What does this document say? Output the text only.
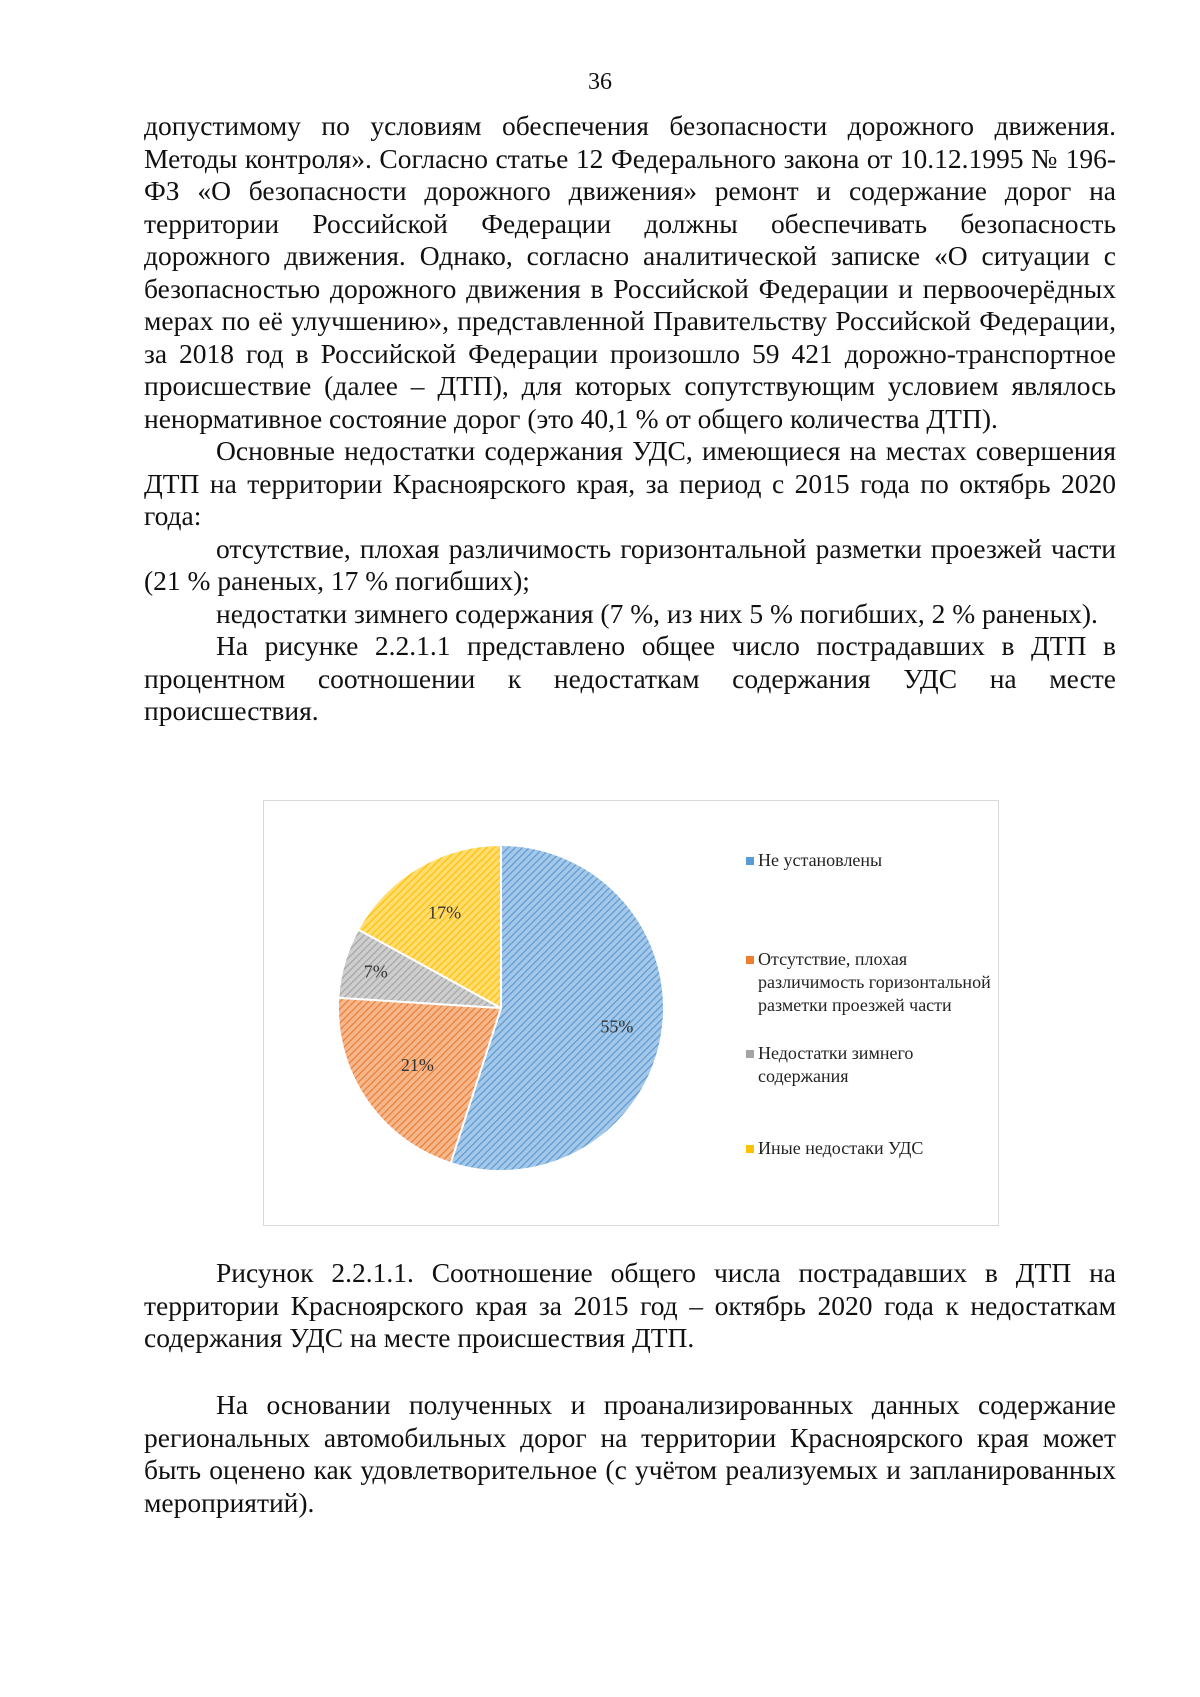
36

допустимому по условиям обеспечения безопасности дорожного движения. Методы контроля». Согласно статье 12 Федерального закона от 10.12.1995 № 196-ФЗ «О безопасности дорожного движения» ремонт и содержание дорог на территории Российской Федерации должны обеспечивать безопасность дорожного движения. Однако, согласно аналитической записке «О ситуации с безопасностью дорожного движения в Российской Федерации и первоочерёдных мерах по её улучшению», представленной Правительству Российской Федерации, за 2018 год в Российской Федерации произошло 59 421 дорожно-транспортное происшествие (далее – ДТП), для которых сопутствующим условием являлось ненормативное состояние дорог (это 40,1 % от общего количества ДТП).

Основные недостатки содержания УДС, имеющиеся на местах совершения ДТП на территории Красноярского края, за период с 2015 года по октябрь 2020 года:

отсутствие, плохая различимость горизонтальной разметки проезжей части (21 % раненых, 17 % погибших);

недостатки зимнего содержания (7 %, из них 5 % погибших, 2 % раненых).

На рисунке 2.2.1.1 представлено общее число пострадавших в ДТП в процентном соотношении к недостаткам содержания УДС на месте происшествия.

55%
21%
7%
17%
Не установлены
Отсутствие, плохая различимость горизонтальной разметки проезжей части
Недостатки зимнего содержания
Иные недостаки УДС

Рисунок 2.2.1.1. Соотношение общего числа пострадавших в ДТП на территории Красноярского края за 2015 год – октябрь 2020 года к недостаткам содержания УДС на месте происшествия ДТП.

На основании полученных и проанализированных данных содержание региональных автомобильных дорог на территории Красноярского края может быть оценено как удовлетворительное (с учётом реализуемых и запланированных мероприятий).
